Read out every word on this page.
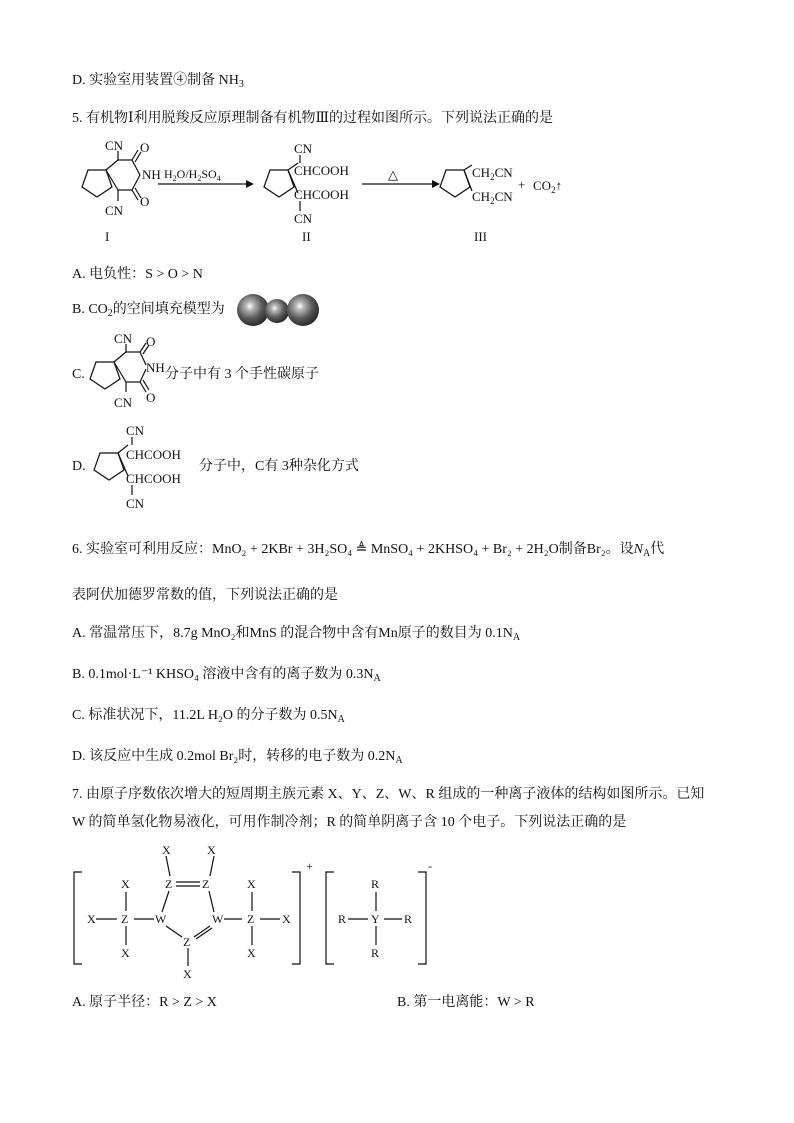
D. 实验室用装置④制备 $NH_3$
5. 有机物Ⅰ利用脱羧反应原理制备有机物Ⅲ的过程如图所示。下列说法正确的是
CN
CN
NH
O
O
I
$H_2O/H_2SO_4$
CN
CHCOOH
CHCOOH
CN
II
△	$CH_2CN$
$CH_2CN$
+ $CO_2↑$
III
A. 电负性：S > O > N
B. $CO_2$的空间填充模型为
C.
CN
CN
O
O
NH 分子中有 3 个手性碳原子
D.
CN
CHCOOH
CHCOOH
CN
分子中，C有 3种杂化方式
6. 实验室可利用反应：MnO₂ + 2KBr + 3H₂SO₄ ≜ MnSO₄ + 2KHSO₄ + Br₂ + 2H₂O制备Br₂。设$N_A$代
表阿伏加德罗常数的值，下列说法正确的是
A. 常温常压下，8.7g MnO₂和MnS 的混合物中含有Mn原子的数目为 $0.1N_A$
B. 0.1mol·L⁻¹ KHSO₄ 溶液中含有的离子数为 $0.3N_A$
C. 标准状况下，11.2L H₂O 的分子数为 $0.5N_A$
D. 该反应中生成 0.2mol Br₂时，转移的电子数为 $0.2N_A$
7. 由原子序数依次增大的短周期主族元素 X、Y、Z、W、R 组成的一种离子液体的结构如图所示。已知
W 的简单氢化物易液化，可用作制冷剂；R 的简单阴离子含 10 个电子。下列说法正确的是
X
X
Z
X
W
X
Z
X
Z
W
Z
X
X
Z
X
X
+
R
R
Y
R
R
-
A. 原子半径：R > Z > X	B. 第一电离能：W > R
